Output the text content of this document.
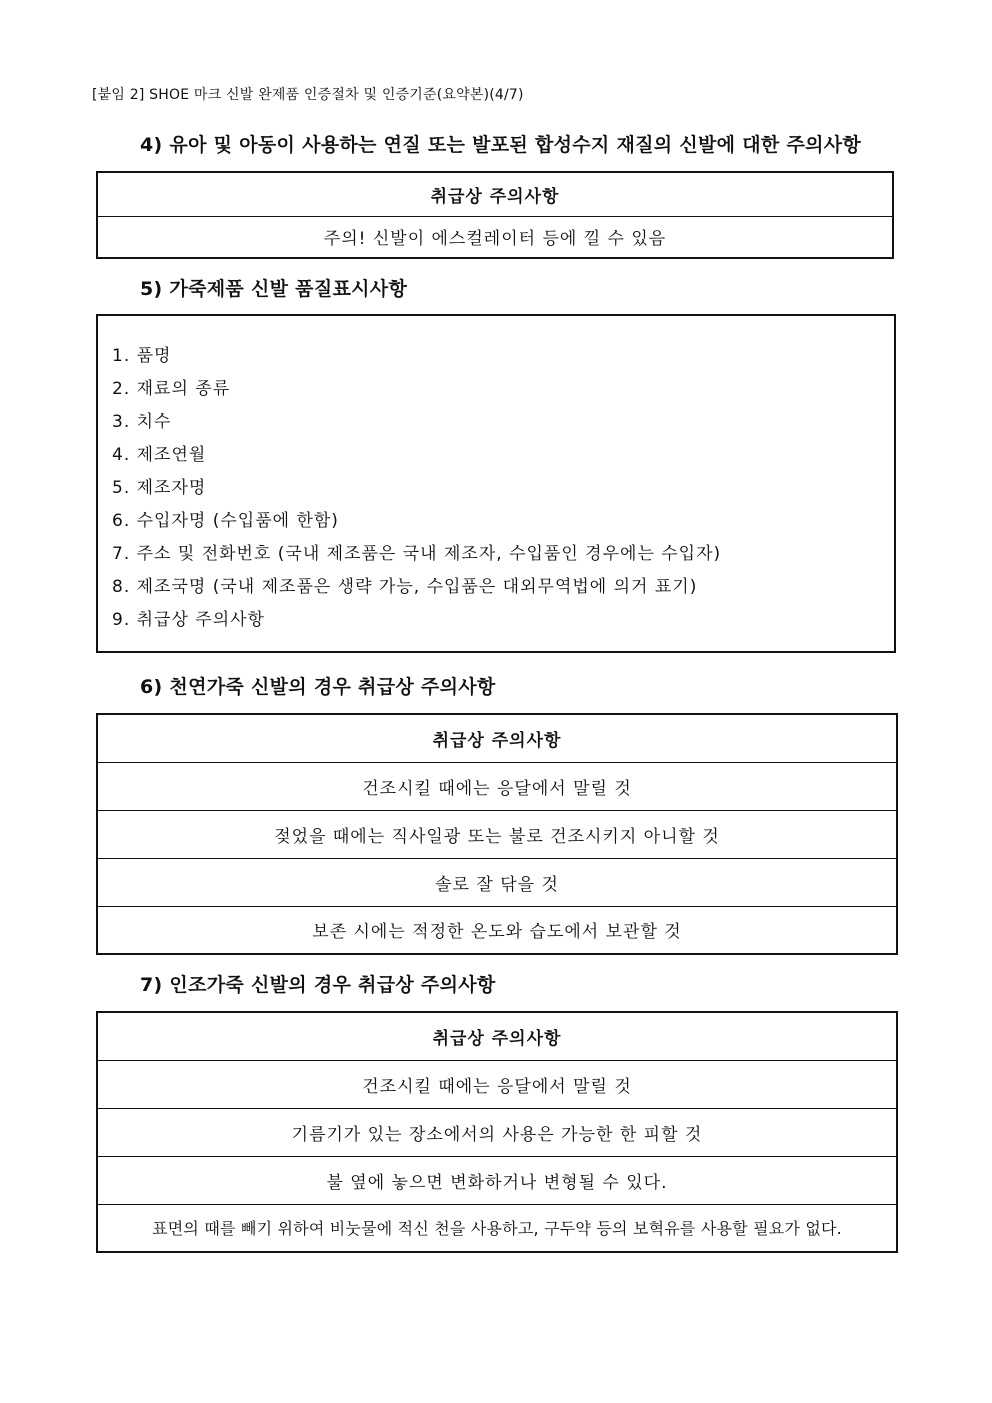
[붙임 2] SHOE 마크 신발 완제품 인증절차 및 인증기준(요약본)(4/7)
4) 유아 및 아동이 사용하는 연질 또는 발포된 합성수지 재질의 신발에 대한 주의사항
취급상 주의사항
주의! 신발이 에스컬레이터 등에 낄 수 있음
5) 가죽제품 신발 품질표시사항
1. 품명
2. 재료의 종류
3. 치수
4. 제조연월
5. 제조자명
6. 수입자명 (수입품에 한함)
7. 주소 및 전화번호 (국내 제조품은 국내 제조자, 수입품인 경우에는 수입자)
8. 제조국명 (국내 제조품은 생략 가능, 수입품은 대외무역법에 의거 표기)
9. 취급상 주의사항
6) 천연가죽 신발의 경우 취급상 주의사항
취급상 주의사항
건조시킬 때에는 응달에서 말릴 것
젖었을 때에는 직사일광 또는 불로 건조시키지 아니할 것
솔로 잘 닦을 것
보존 시에는 적정한 온도와 습도에서 보관할 것
7) 인조가죽 신발의 경우 취급상 주의사항
취급상 주의사항
건조시킬 때에는 응달에서 말릴 것
기름기가 있는 장소에서의 사용은 가능한 한 피할 것
불 옆에 놓으면 변화하거나 변형될 수 있다.
표면의 때를 빼기 위하여 비눗물에 적신 천을 사용하고, 구두약 등의 보혁유를 사용할 필요가 없다.
